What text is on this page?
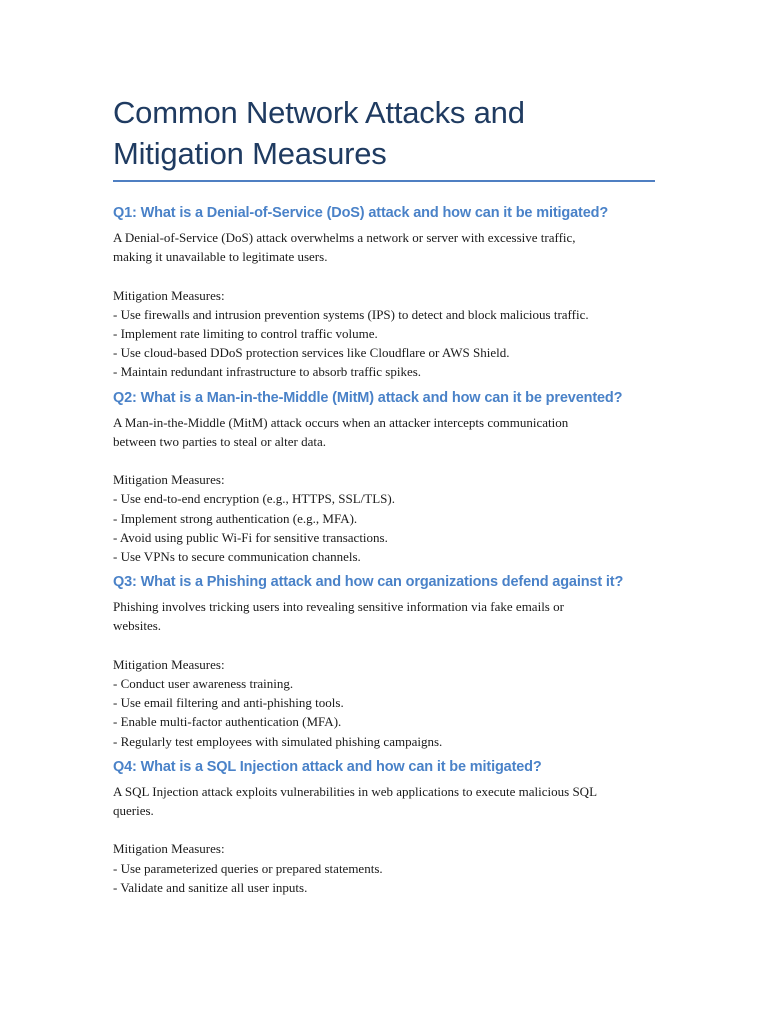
Common Network Attacks and
Mitigation Measures
Q1: What is a Denial-of-Service (DoS) attack and how can it be mitigated?

A Denial-of-Service (DoS) attack overwhelms a network or server with excessive traffic,
making it unavailable to legitimate users.

Mitigation Measures:

- Use firewalls and intrusion prevention systems (IPS) to detect and block malicious traffic.

- Implement rate limiting to control traffic volume.

- Use cloud-based DDoS protection services like Cloudflare or AWS Shield.

- Maintain redundant infrastructure to absorb traffic spikes.

Q2: What is a Man-in-the-Middle (MitM) attack and how can it be prevented?

A Man-in-the-Middle (MitM) attack occurs when an attacker intercepts communication
between two parties to steal or alter data.

Mitigation Measures:

- Use end-to-end encryption (e.g., HTTPS, SSL/TLS).

- Implement strong authentication (e.g., MFA).

- Avoid using public Wi-Fi for sensitive transactions.

- Use VPNs to secure communication channels.

Q3: What is a Phishing attack and how can organizations defend against it?

Phishing involves tricking users into revealing sensitive information via fake emails or
websites.

Mitigation Measures:

- Conduct user awareness training.

- Use email filtering and anti-phishing tools.

- Enable multi-factor authentication (MFA).

- Regularly test employees with simulated phishing campaigns.

Q4: What is a SQL Injection attack and how can it be mitigated?

A SQL Injection attack exploits vulnerabilities in web applications to execute malicious SQL
queries.

Mitigation Measures:

- Use parameterized queries or prepared statements.

- Validate and sanitize all user inputs.
